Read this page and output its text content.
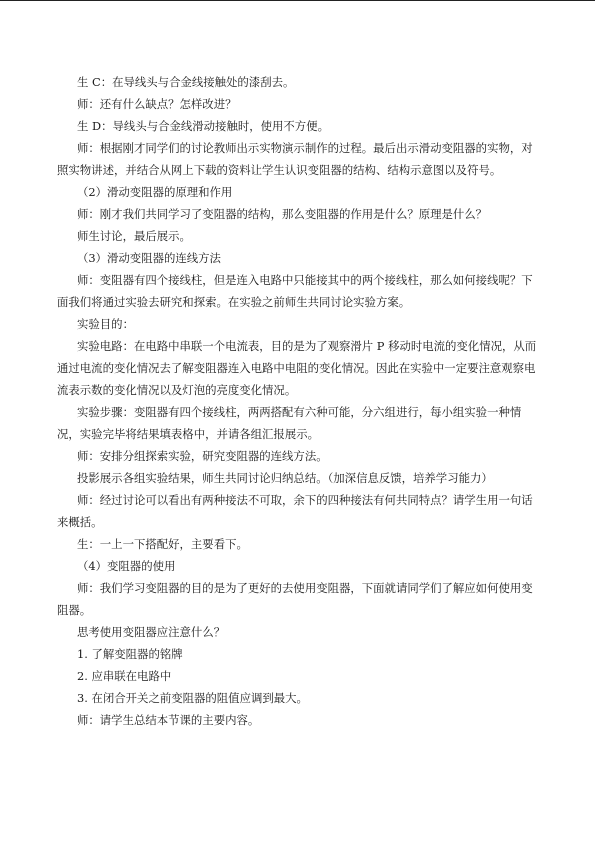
生 C：在导线头与合金线接触处的漆刮去。

师：还有什么缺点？怎样改进？

生 D：导线头与合金线滑动接触时，使用不方便。

师：根据刚才同学们的讨论教师出示实物演示制作的过程。最后出示滑动变阻器的实物，对照实物讲述，并结合从网上下载的资料让学生认识变阻器的结构、结构示意图以及符号。

（2）滑动变阻器的原理和作用

师：刚才我们共同学习了变阻器的结构，那么变阻器的作用是什么？原理是什么？

师生讨论，最后展示。

（3）滑动变阻器的连线方法

师：变阻器有四个接线柱，但是连入电路中只能接其中的两个接线柱，那么如何接线呢？下面我们将通过实验去研究和探索。在实验之前师生共同讨论实验方案。

实验目的：

实验电路：在电路中串联一个电流表，目的是为了观察滑片 P 移动时电流的变化情况，从而通过电流的变化情况去了解变阻器连入电路中电阻的变化情况。因此在实验中一定要注意观察电流表示数的变化情况以及灯泡的亮度变化情况。

实验步骤：变阻器有四个接线柱，两两搭配有六种可能，分六组进行，每小组实验一种情况，实验完毕将结果填表格中，并请各组汇报展示。

师：安排分组探索实验，研究变阻器的连线方法。

投影展示各组实验结果，师生共同讨论归纳总结。（加深信息反馈，培养学习能力）

师：经过讨论可以看出有两种接法不可取，余下的四种接法有何共同特点？请学生用一句话来概括。

生：一上一下搭配好，主要看下。

（4）变阻器的使用

师：我们学习变阻器的目的是为了更好的去使用变阻器，下面就请同学们了解应如何使用变阻器。

思考使用变阻器应注意什么？

1. 了解变阻器的铭牌

2. 应串联在电路中

3. 在闭合开关之前变阻器的阻值应调到最大。

师：请学生总结本节课的主要内容。
